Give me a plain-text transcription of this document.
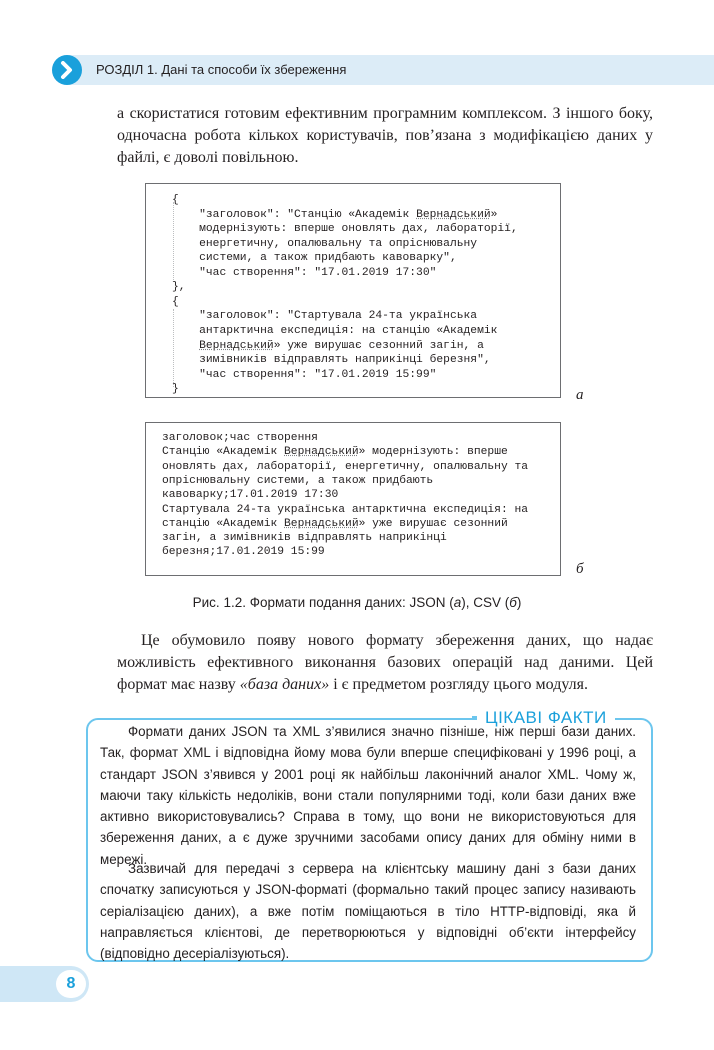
РОЗДІЛ 1. Дані та способи їх збереження
а скористатися готовим ефективним програмним комплексом. З іншого боку, одночасна робота кількох користувачів, пов’язана з модифікацією даних у файлі, є доволі повільною.
{
"заголовок": "Станцію «Академік Вернадський»
модернізують: вперше оновлять дах, лабораторії,
енергетичну, опалювальну та опріснювальну
системи, а також придбають кавоварку",
"час створення": "17.01.2019 17:30"
},
{
"заголовок": "Стартувала 24-та українська
антарктична експедиція: на станцію «Академік
Вернадський» уже вирушає сезонний загін, а
зимівників відправлять наприкінці березня",
"час створення": "17.01.2019 15:99"
}	а
заголовок;час створення
Станцію «Академік Вернадський» модернізують: вперше
оновлять дах, лабораторії, енергетичну, опалювальну та
опріснювальну системи, а також придбають
кавоварку;17.01.2019 17:30
Стартувала 24-та українська антарктична експедиція: на
станцію «Академік Вернадський» уже вирушає сезонний
загін, а зимівників відправлять наприкінці
березня;17.01.2019 15:99
б
Рис. 1.2. Формати подання даних: JSON (а), CSV (б)
Це обумовило появу нового формату збереження даних, що надає можливість ефективного виконання базових операцій над даними. Цей формат має назву «база даних» і є предметом розгляду цього модуля.
ЦІКАВІ ФАКТИ
Формати даних JSON та XML з’явилися значно пізніше, ніж перші бази даних. Так, формат XML і відповідна йому мова були вперше специфіковані у 1996 році, а стандарт JSON з’явився у 2001 році як найбільш лаконічний аналог XML. Чому ж, маючи таку кількість недоліків, вони стали популярними тоді, коли бази даних вже активно використовувались? Справа в тому, що вони не використовуються для збереження даних, а є дуже зручними засобами опису даних для обміну ними в мережі.
Зазвичай для передачі з сервера на клієнтську машину дані з бази даних спочатку записуються у JSON-форматі (формально такий процес запису називають серіалізацією даних), а вже потім поміщаються в тіло HTTP-відповіді, яка й направляється клієнтові, де перетворюються у відповідні об’єкти інтерфейсу (відповідно десеріалізуються).
8
